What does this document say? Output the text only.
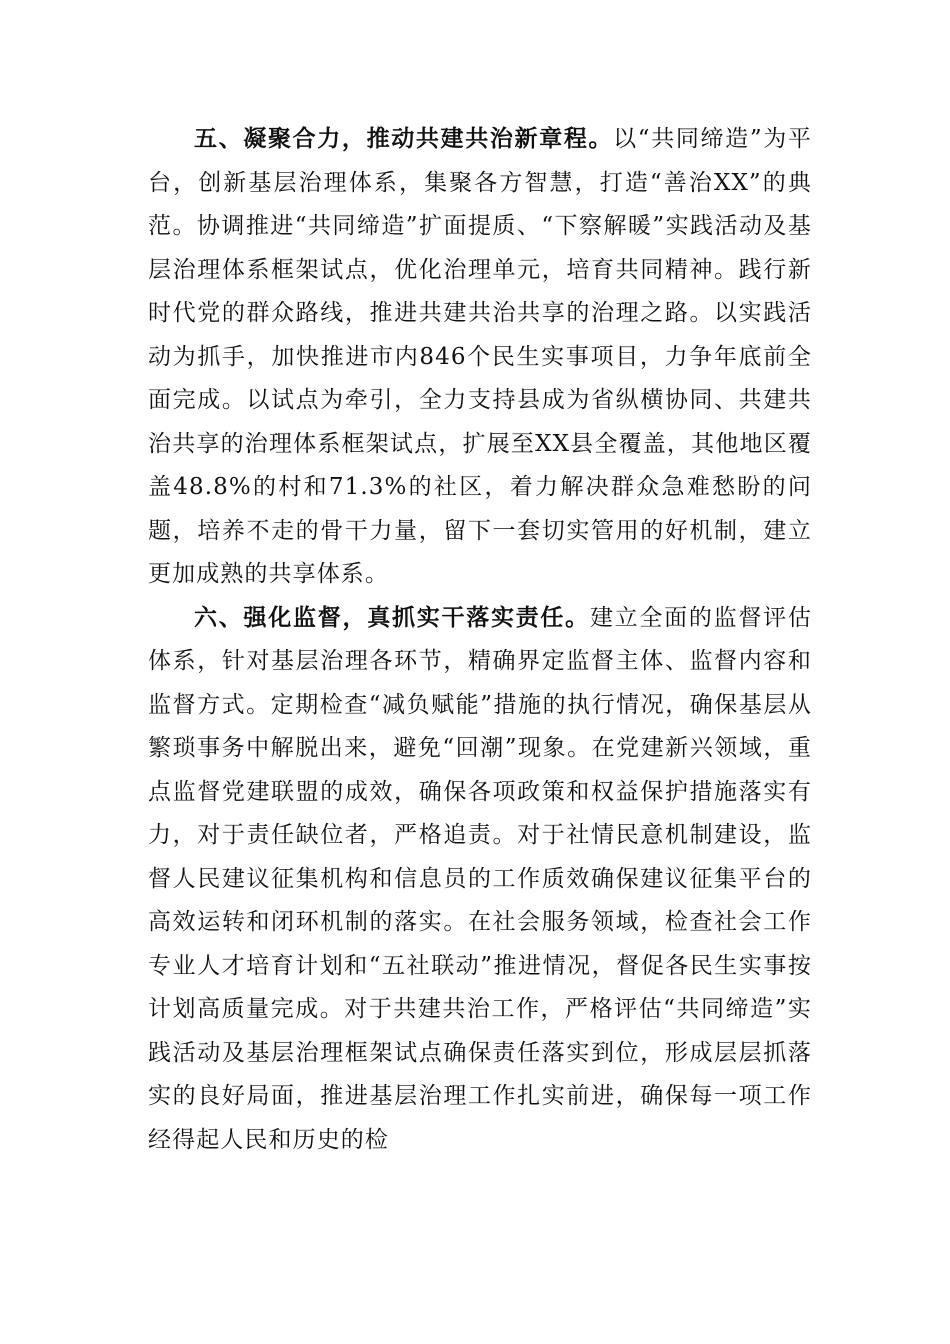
五、凝聚合力，推动共建共治新章程。以“共同缔造”为平台，创新基层治理体系，集聚各方智慧，打造“善治XX”的典范。协调推进“共同缔造”扩面提质、“下察解暖”实践活动及基层治理体系框架试点，优化治理单元，培育共同精神。践行新时代党的群众路线，推进共建共治共享的治理之路。以实践活动为抓手，加快推进市内846个民生实事项目，力争年底前全面完成。以试点为牵引，全力支持县成为省纵横协同、共建共治共享的治理体系框架试点，扩展至XX县全覆盖，其他地区覆盖48.8%的村和71.3%的社区，着力解决群众急难愁盼的问题，培养不走的骨干力量，留下一套切实管用的好机制，建立更加成熟的共享体系。

六、强化监督，真抓实干落实责任。建立全面的监督评估体系，针对基层治理各环节，精确界定监督主体、监督内容和监督方式。定期检查“减负赋能”措施的执行情况，确保基层从繁琐事务中解脱出来，避免“回潮”现象。在党建新兴领域，重点监督党建联盟的成效，确保各项政策和权益保护措施落实有力，对于责任缺位者，严格追责。对于社情民意机制建设，监督人民建议征集机构和信息员的工作质效确保建议征集平台的高效运转和闭环机制的落实。在社会服务领域，检查社会工作专业人才培育计划和“五社联动”推进情况，督促各民生实事按计划高质量完成。对于共建共治工作，严格评估“共同缔造”实践活动及基层治理框架试点确保责任落实到位，形成层层抓落实的良好局面，推进基层治理工作扎实前进，确保每一项工作经得起人民和历史的检
